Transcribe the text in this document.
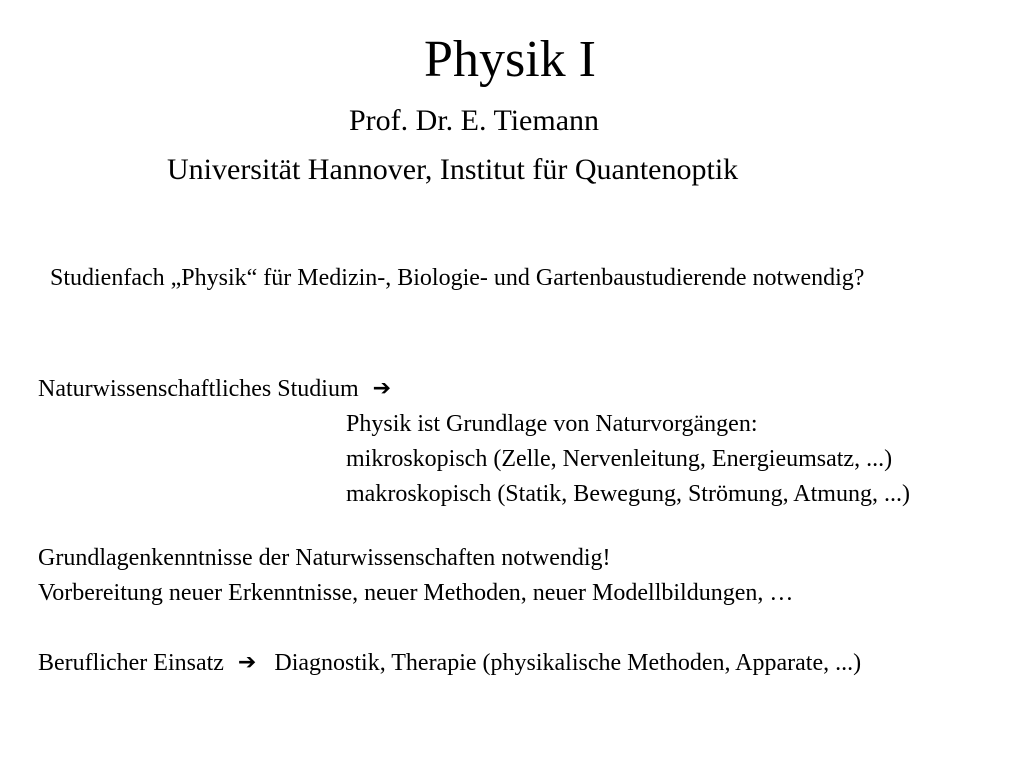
Physik I
Prof. Dr. E. Tiemann
Universität Hannover, Institut für Quantenoptik
Studienfach „Physik“ für Medizin-, Biologie- und Gartenbaustudierende notwendig?
Naturwissenschaftliches Studium ➔
Physik ist Grundlage von Naturvorgängen:
mikroskopisch (Zelle, Nervenleitung, Energieumsatz, ...)
makroskopisch (Statik, Bewegung, Strömung, Atmung, ...)
Grundlagenkenntnisse der Naturwissenschaften notwendig!
Vorbereitung neuer Erkenntnisse, neuer Methoden, neuer Modellbildungen, …
Beruflicher Einsatz ➔ Diagnostik, Therapie (physikalische Methoden, Apparate, ...)
